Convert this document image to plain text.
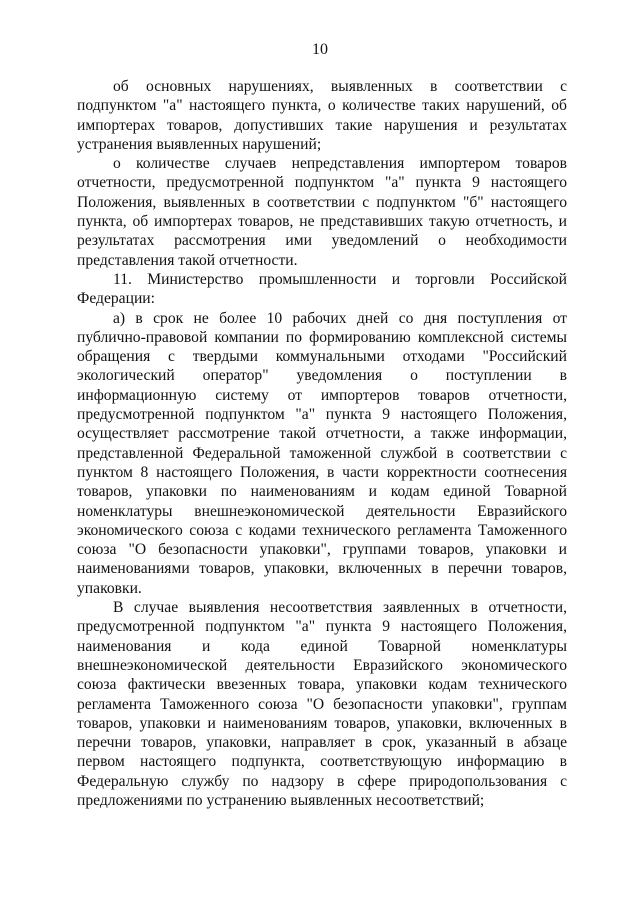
10

об основных нарушениях, выявленных в соответствии с подпунктом "а" настоящего пункта, о количестве таких нарушений, об импортерах товаров, допустивших такие нарушения и результатах устранения выявленных нарушений;

о количестве случаев непредставления импортером товаров отчетности, предусмотренной подпунктом "а" пункта 9 настоящего Положения, выявленных в соответствии с подпунктом "б" настоящего пункта, об импортерах товаров, не представивших такую отчетность, и результатах рассмотрения ими уведомлений о необходимости представления такой отчетности.

11. Министерство промышленности и торговли Российской Федерации:

а) в срок не более 10 рабочих дней со дня поступления от публично-правовой компании по формированию комплексной системы обращения с твердыми коммунальными отходами "Российский экологический оператор" уведомления о поступлении в информационную систему от импортеров товаров отчетности, предусмотренной подпунктом "а" пункта 9 настоящего Положения, осуществляет рассмотрение такой отчетности, а также информации, представленной Федеральной таможенной службой в соответствии с пунктом 8 настоящего Положения, в части корректности соотнесения товаров, упаковки по наименованиям и кодам единой Товарной номенклатуры внешнеэкономической деятельности Евразийского экономического союза с кодами технического регламента Таможенного союза "О безопасности упаковки", группами товаров, упаковки и наименованиями товаров, упаковки, включенных в перечни товаров, упаковки.

В случае выявления несоответствия заявленных в отчетности, предусмотренной подпунктом "а" пункта 9 настоящего Положения, наименования и кода единой Товарной номенклатуры внешнеэкономической деятельности Евразийского экономического союза фактически ввезенных товара, упаковки кодам технического регламента Таможенного союза "О безопасности упаковки", группам товаров, упаковки и наименованиям товаров, упаковки, включенных в перечни товаров, упаковки, направляет в срок, указанный в абзаце первом настоящего подпункта, соответствующую информацию в Федеральную службу по надзору в сфере природопользования с предложениями по устранению выявленных несоответствий;
